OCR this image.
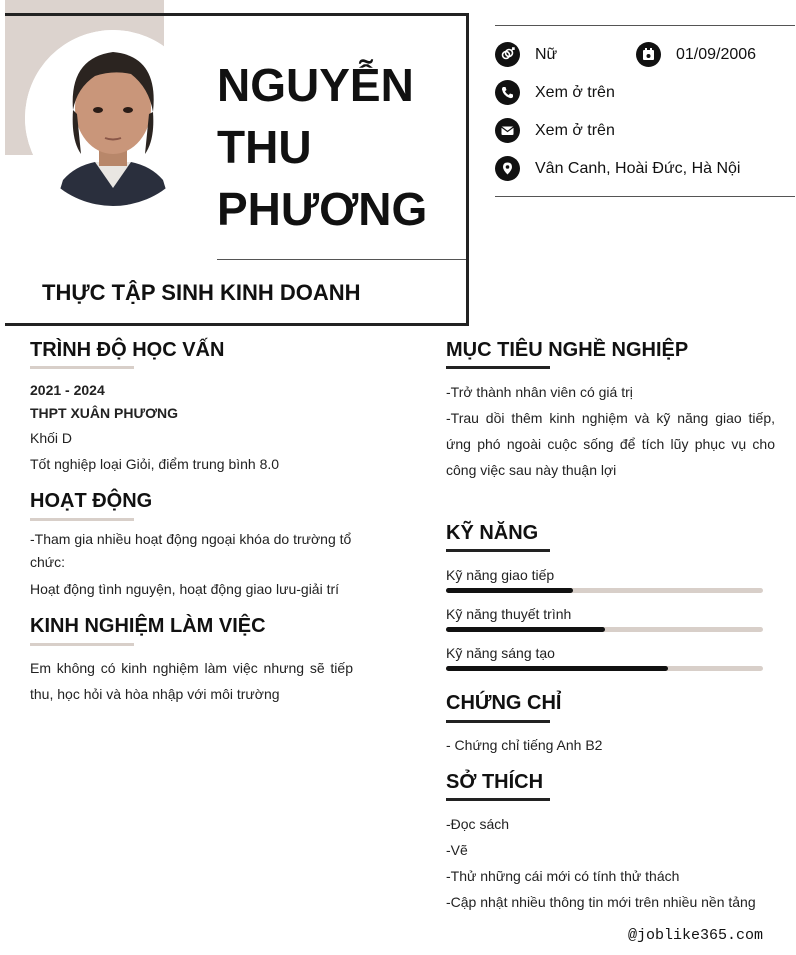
NGUYỄN
THU
PHƯƠNG
THỰC TẬP SINH KINH DOANH
Nữ	01/09/2006
Xem ở trên
Xem ở trên
Vân Canh, Hoài Đức, Hà Nội
TRÌNH ĐỘ HỌC VẤN
2021 - 2024
THPT XUÂN PHƯƠNG
Khối D
Tốt nghiệp loại Giỏi, điểm trung bình 8.0
HOẠT ĐỘNG
-Tham gia nhiều hoạt động ngoại khóa do trường tổ chức:
Hoạt động tình nguyện, hoạt động giao lưu-giải trí
KINH NGHIỆM LÀM VIỆC
Em không có kinh nghiệm làm việc nhưng sẽ tiếp thu, học hỏi và hòa nhập với môi trường
MỤC TIÊU NGHỀ NGHIỆP
-Trở thành nhân viên có giá trị
-Trau dồi thêm kinh nghiệm và kỹ năng giao tiếp, ứng phó ngoài cuộc sống để tích lũy phục vụ cho công việc sau này thuận lợi
KỸ NĂNG
Kỹ năng giao tiếp
Kỹ năng thuyết trình
Kỹ năng sáng tạo
CHỨNG CHỈ
- Chứng chỉ tiếng Anh B2
SỞ THÍCH
-Đọc sách
-Vẽ
-Thử những cái mới có tính thử thách
-Cập nhật nhiều thông tin mới trên nhiều nền tảng
@joblike365.com
